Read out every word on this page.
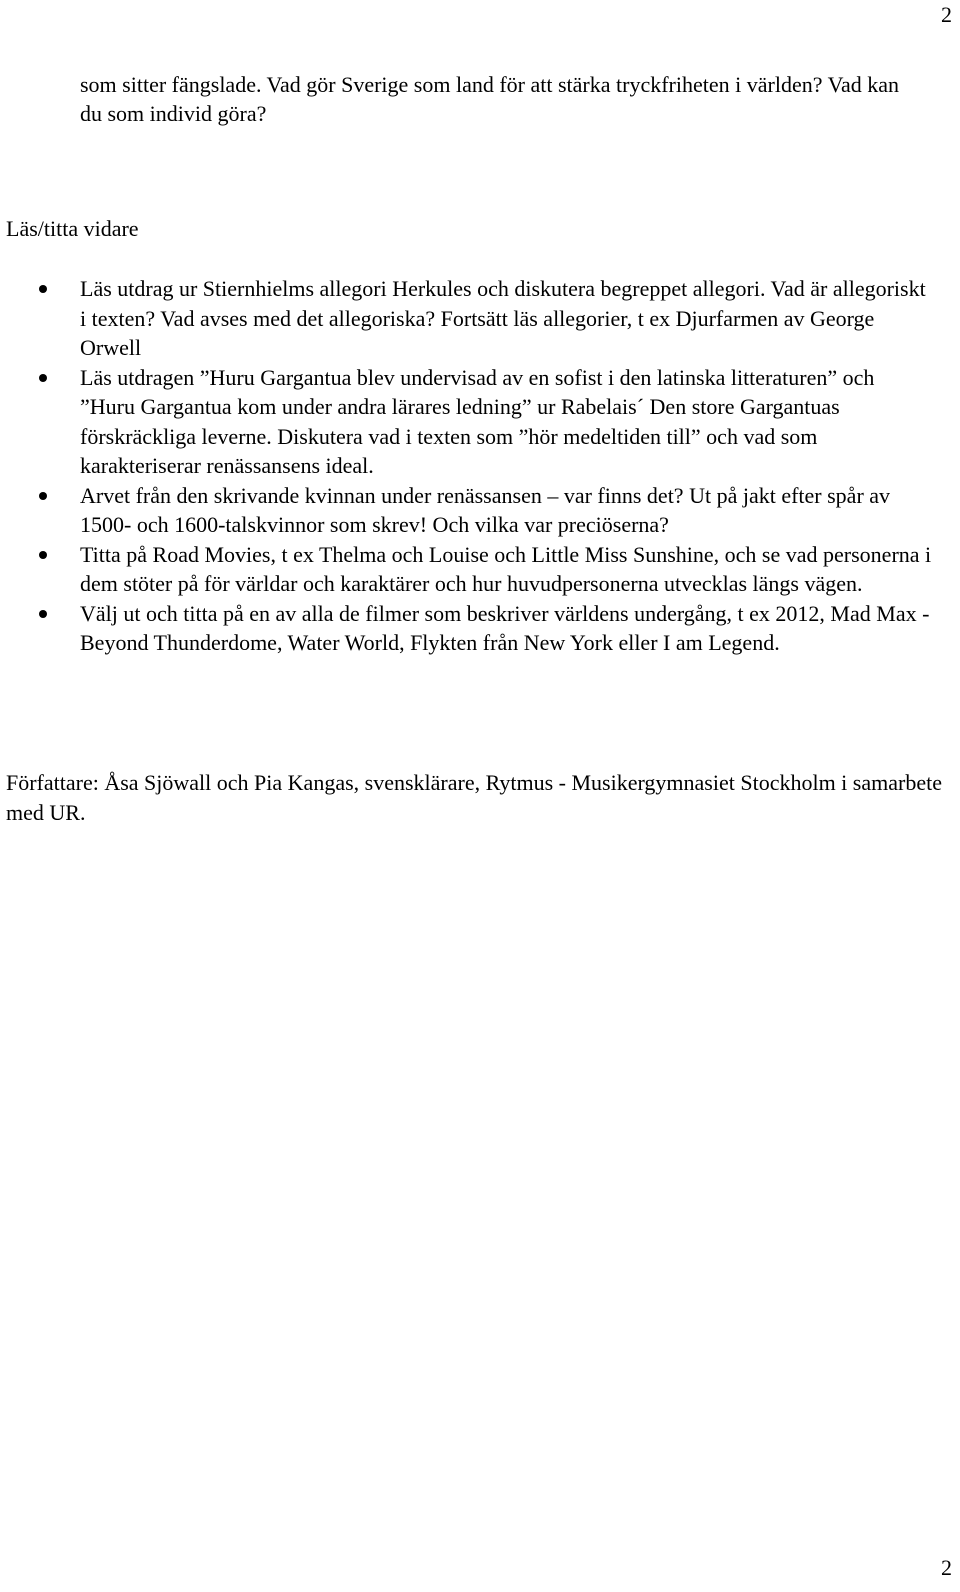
2

som sitter fängslade. Vad gör Sverige som land för att stärka tryckfriheten i världen? Vad kan du som individ göra?

Läs/titta vidare
Läs utdrag ur Stiernhielms allegori Herkules och diskutera begreppet allegori. Vad är allegoriskt i texten? Vad avses med det allegoriska? Fortsätt läs allegorier, t ex Djurfarmen av George Orwell
Läs utdragen ”Huru Gargantua blev undervisad av en sofist i den latinska litteraturen” och ”Huru Gargantua kom under andra lärares ledning” ur Rabelais´ Den store Gargantuas förskräckliga leverne. Diskutera vad i texten som ”hör medeltiden till” och vad som karakteriserar renässansens ideal.
Arvet från den skrivande kvinnan under renässansen – var finns det? Ut på jakt efter spår av 1500- och 1600-talskvinnor som skrev! Och vilka var preciöserna?
Titta på Road Movies, t ex Thelma och Louise och Little Miss Sunshine, och se vad personerna i dem stöter på för världar och karaktärer och hur huvudpersonerna utvecklas längs vägen.
Välj ut och titta på en av alla de filmer som beskriver världens undergång, t ex 2012, Mad Max - Beyond Thunderdome, Water World, Flykten från New York eller I am Legend.

Författare: Åsa Sjöwall och Pia Kangas, svensklärare, Rytmus - Musikergymnasiet Stockholm i samarbete med UR.

2
